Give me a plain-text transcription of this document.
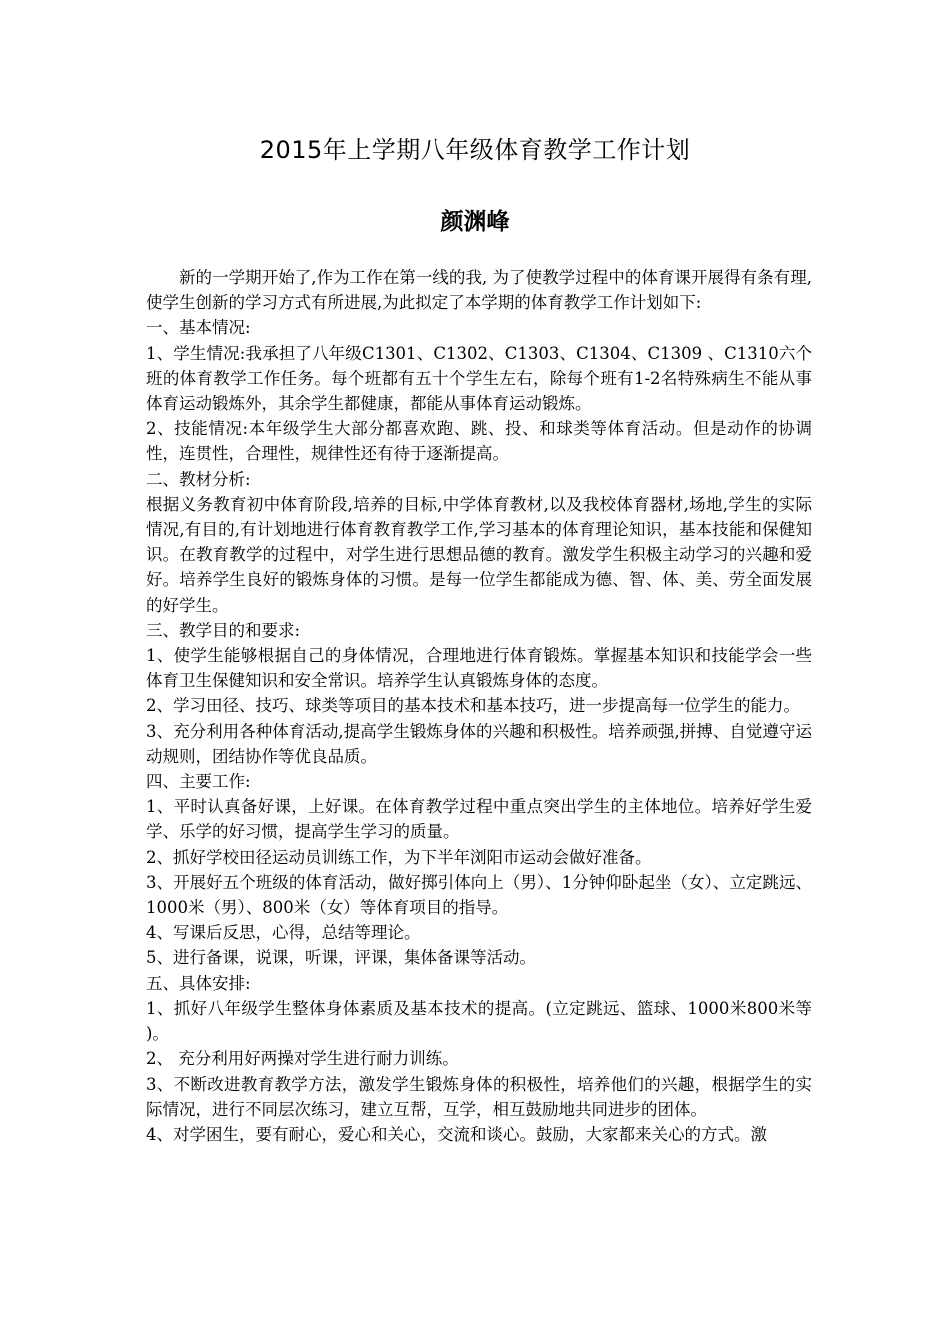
2015年上学期八年级体育教学工作计划
颜渊峰

新的一学期开始了,作为工作在第一线的我, 为了使教学过程中的体育课开展得有条有理,使学生创新的学习方式有所进展,为此拟定了本学期的体育教学工作计划如下:

一、基本情况:

1、学生情况:我承担了八年级C1301、C1302、C1303、C1304、C1309 、C1310六个班的体育教学工作任务。每个班都有五十个学生左右，除每个班有1-2名特殊病生不能从事体育运动锻炼外，其余学生都健康，都能从事体育运动锻炼。

2、技能情况:本年级学生大部分都喜欢跑、跳、投、和球类等体育活动。但是动作的协调性，连贯性，合理性，规律性还有待于逐渐提高。

二、教材分析:

根据义务教育初中体育阶段,培养的目标,中学体育教材,以及我校体育器材,场地,学生的实际情况,有目的,有计划地进行体育教育教学工作,学习基本的体育理论知识，基本技能和保健知识。在教育教学的过程中，对学生进行思想品德的教育。激发学生积极主动学习的兴趣和爱好。培养学生良好的锻炼身体的习惯。是每一位学生都能成为德、智、体、美、劳全面发展的好学生。

三、教学目的和要求:

1、使学生能够根据自己的身体情况，合理地进行体育锻炼。掌握基本知识和技能学会一些体育卫生保健知识和安全常识。培养学生认真锻炼身体的态度。

2、学习田径、技巧、球类等项目的基本技术和基本技巧，进一步提高每一位学生的能力。

3、充分利用各种体育活动,提高学生锻炼身体的兴趣和积极性。培养顽强,拼搏、自觉遵守运动规则，团结协作等优良品质。

四、主要工作:

1、平时认真备好课，上好课。在体育教学过程中重点突出学生的主体地位。培养好学生爱学、乐学的好习惯，提高学生学习的质量。

2、抓好学校田径运动员训练工作，为下半年浏阳市运动会做好准备。

3、开展好五个班级的体育活动，做好掷引体向上（男）、1分钟仰卧起坐（女）、立定跳远、1000米（男）、800米（女）等体育项目的指导。

4、写课后反思，心得，总结等理论。

5、进行备课，说课，听课，评课，集体备课等活动。

五、具体安排:

1、抓好八年级学生整体身体素质及基本技术的提高。(立定跳远、篮球、1000米800米等 )。

2、 充分利用好两操对学生进行耐力训练。

3、不断改进教育教学方法，激发学生锻炼身体的积极性，培养他们的兴趣，根据学生的实际情况，进行不同层次练习，建立互帮，互学，相互鼓励地共同进步的团体。

4、对学困生，要有耐心，爱心和关心，交流和谈心。鼓励，大家都来关心的方式。激
